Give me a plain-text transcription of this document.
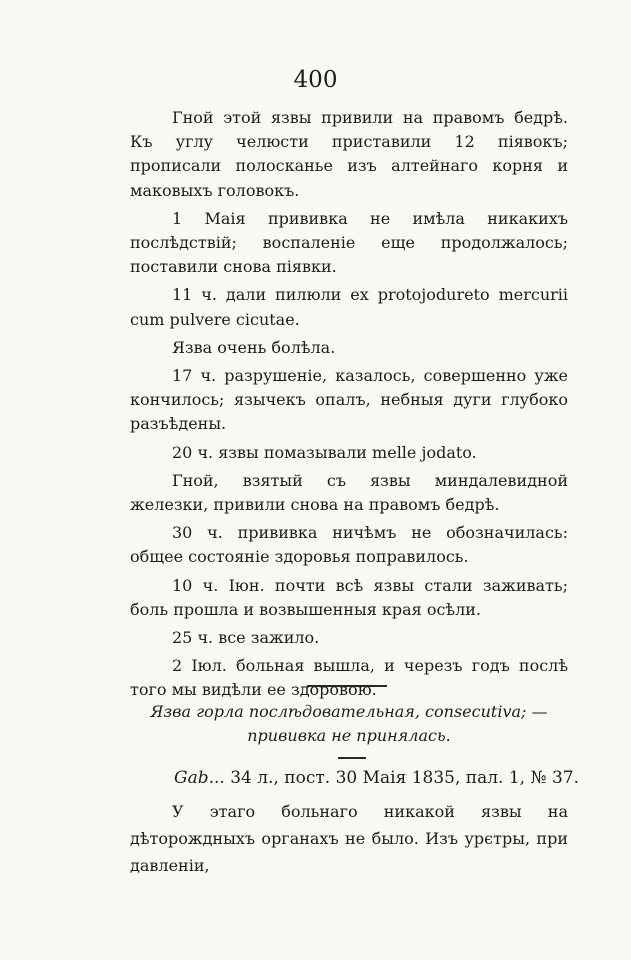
400

Гной этой язвы привили на правомъ бедрѣ. Къ углу челюсти приставили 12 піявокъ; прописали полосканье изъ алтейнаго корня и маковыхъ головокъ.

1 Маія прививка не имѣла никакихъ послѣдствій; воспаленіе еще продолжалось; поставили снова піявки.

11 ч. дали пилюли ex protojodureto mercurii cum pulvere cicutae.

Язва очень болѣла.

17 ч. разрушеніе, казалось, совершенно уже кончилось; язычекъ опалъ, небныя дуги глубоко разъѣдены.

20 ч. язвы помазывали melle jodato.

Гной, взятый съ язвы миндалевидной железки, привили снова на правомъ бедрѣ.

30 ч. прививка ничѣмъ не обозначилась: общее состояніе здоровья поправилось.

10 ч. Іюн. почти всѣ язвы стали заживать; боль прошла и возвышенныя края осѣли.

25 ч. все зажило.

2 Іюл. больная вышла, и черезъ годъ послѣ того мы видѣли ее здоровою.

Язва горла послѣдовательная, consecutiva; — прививка не принялась.
Gab... 34 л., пост. 30 Маія 1835, пал. 1, № 37.

У этаго больнаго никакой язвы на дѣторождныхъ органахъ не было. Изъ урєтры, при давленіи,
